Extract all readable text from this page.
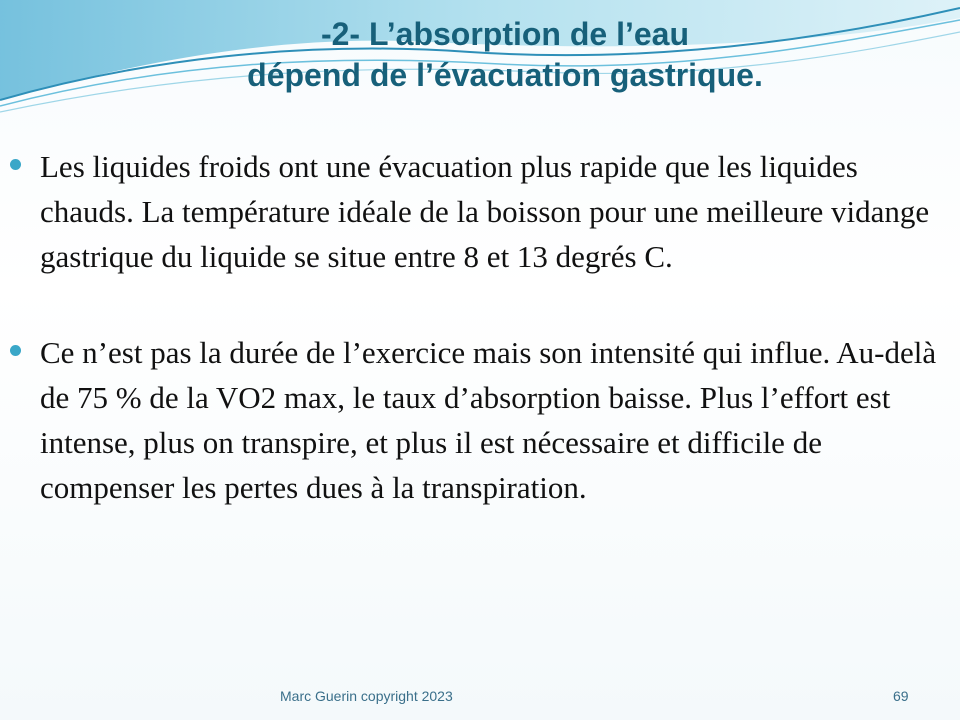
-2- L’absorption de l’eau
dépend de l’évacuation gastrique.
Les liquides froids ont une évacuation plus rapide que les liquides chauds. La température idéale de la boisson pour une meilleure vidange gastrique du liquide se situe entre 8 et 13 degrés C.
Ce n’est pas la durée de l’exercice mais son intensité qui influe. Au-delà de 75 % de la VO2 max, le taux d’absorption baisse. Plus l’effort est intense, plus on transpire, et plus il est nécessaire et difficile de compenser les pertes dues à la transpiration.
Marc Guerin copyright 2023	69
